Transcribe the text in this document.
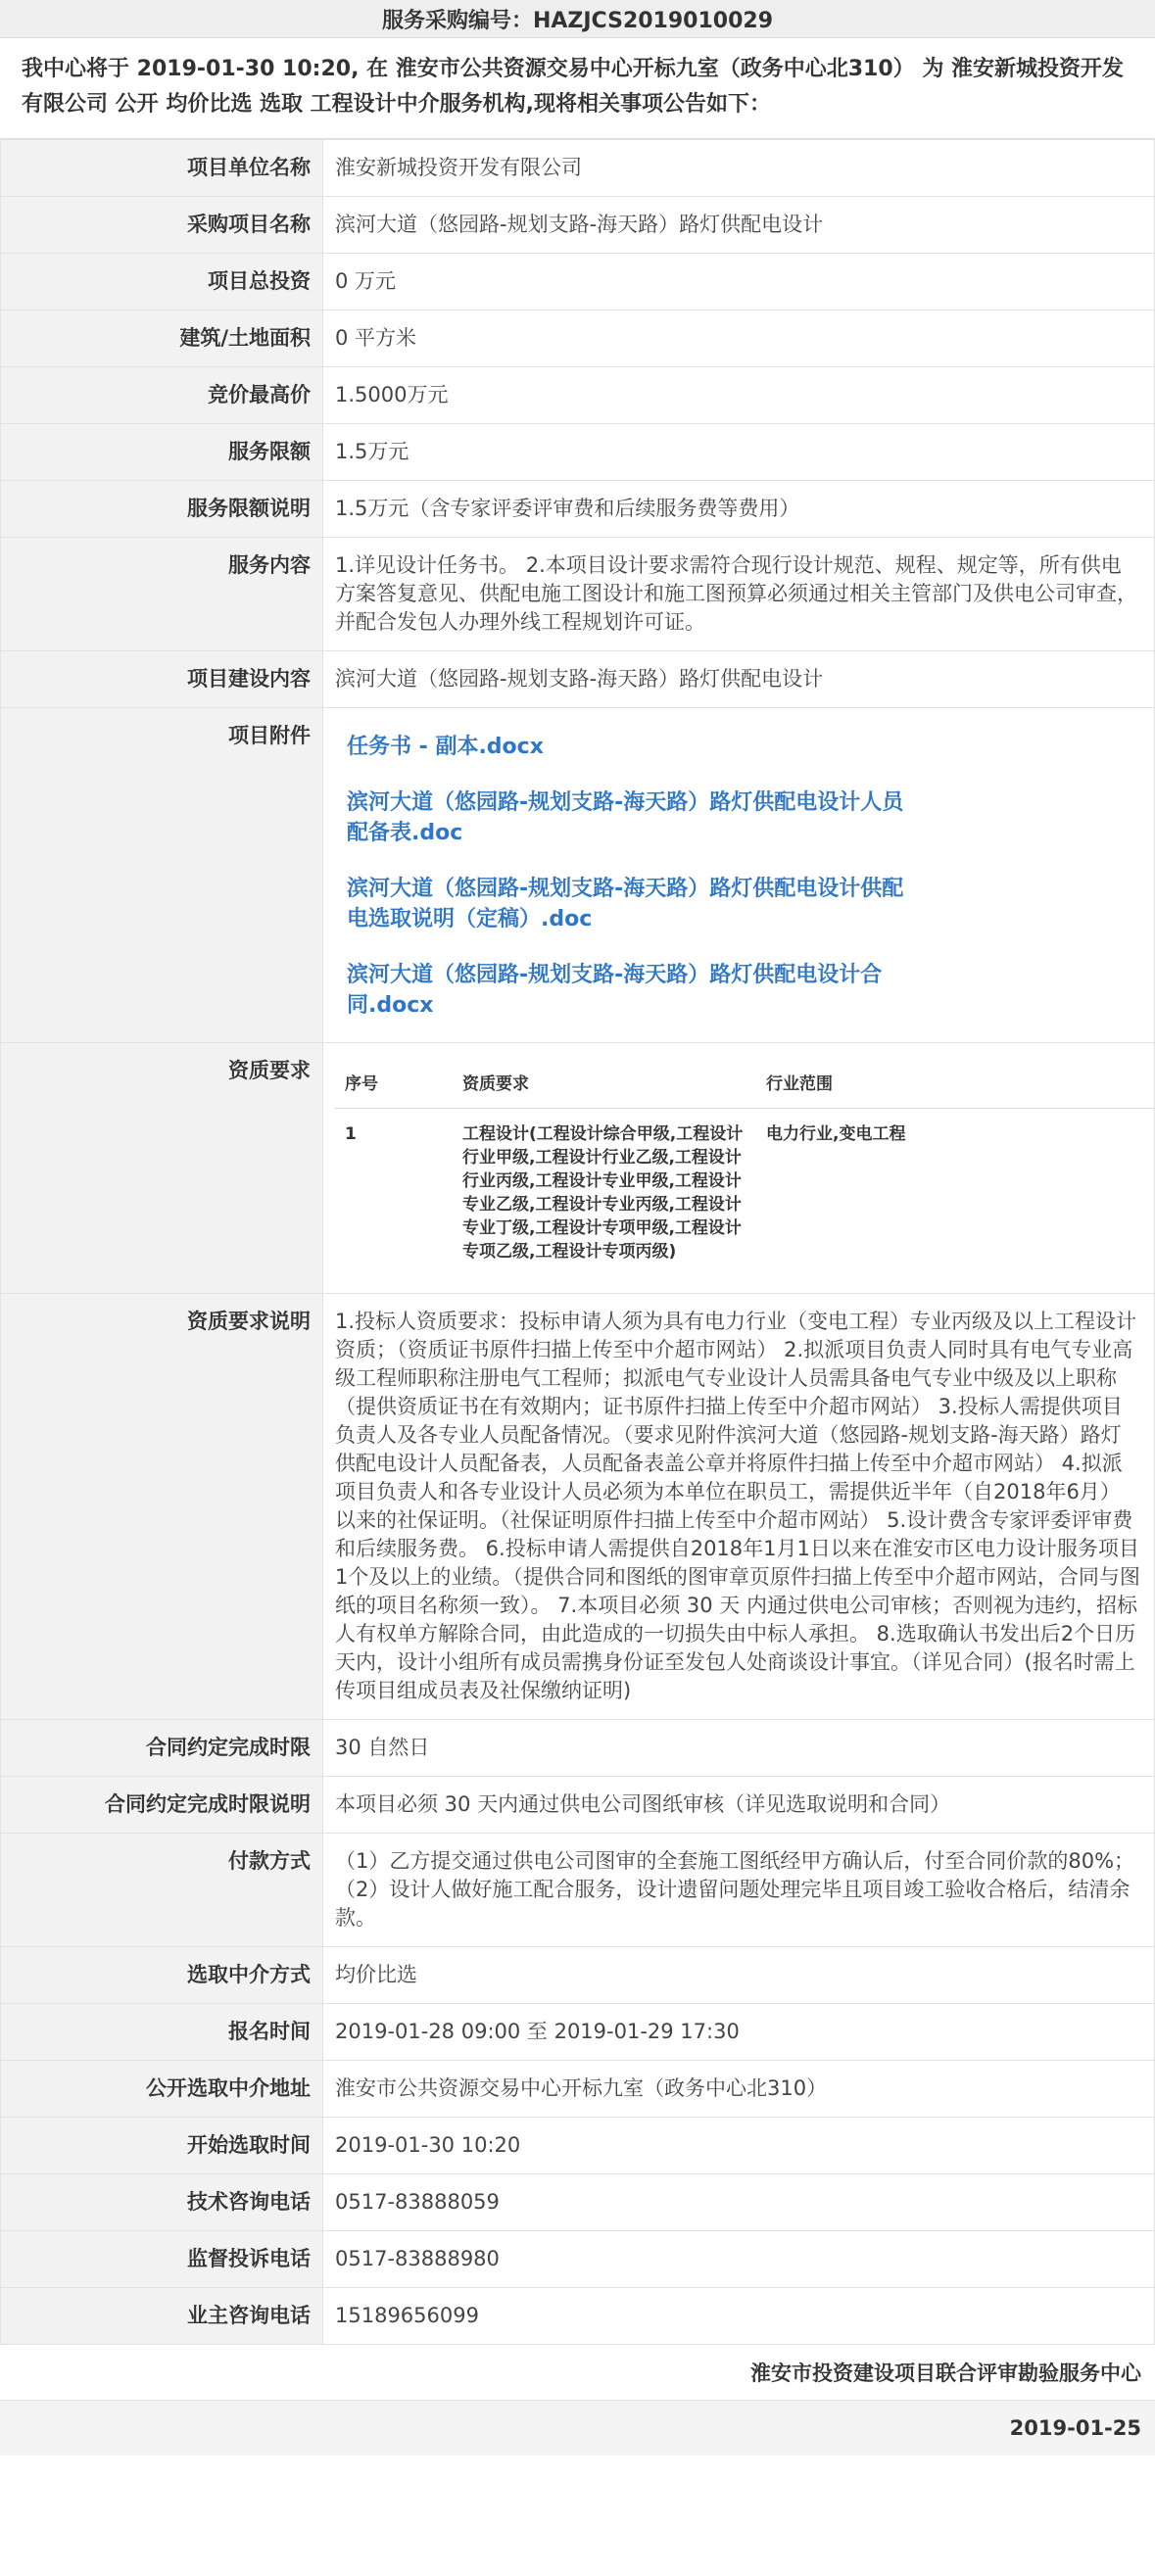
服务采购编号：HAZJCS2019010029
我中心将于 2019-01-30 10:20, 在 淮安市公共资源交易中心开标九室（政务中心北310） 为 淮安新城投资开发有限公司 公开 均价比选 选取 工程设计中介服务机构,现将相关事项公告如下：
项目单位名称	淮安新城投资开发有限公司
采购项目名称	滨河大道（悠园路-规划支路-海天路）路灯供配电设计
项目总投资	0 万元
建筑/土地面积	0 平方米
竞价最高价	1.5000万元
服务限额	1.5万元
服务限额说明	1.5万元（含专家评委评审费和后续服务费等费用）
服务内容	1.详见设计任务书。 2.本项目设计要求需符合现行设计规范、规程、规定等，所有供电方案答复意见、供配电施工图设计和施工图预算必须通过相关主管部门及供电公司审查，并配合发包人办理外线工程规划许可证。
项目建设内容	滨河大道（悠园路-规划支路-海天路）路灯供配电设计
项目附件	任务书 - 副本.docx
滨河大道（悠园路-规划支路-海天路）路灯供配电设计人员配备表.doc
滨河大道（悠园路-规划支路-海天路）路灯供配电设计供配电选取说明（定稿）.doc
滨河大道（悠园路-规划支路-海天路）路灯供配电设计合同.docx

资质要求	
序号	资质要求	行业范围
1	工程设计(工程设计综合甲级,工程设计行业甲级,工程设计行业乙级,工程设计行业丙级,工程设计专业甲级,工程设计专业乙级,工程设计专业丙级,工程设计专业丁级,工程设计专项甲级,工程设计专项乙级,工程设计专项丙级)	电力行业,变电工程

资质要求说明	1.投标人资质要求：投标申请人须为具有电力行业（变电工程）专业丙级及以上工程设计资质；（资质证书原件扫描上传至中介超市网站） 2.拟派项目负责人同时具有电气专业高级工程师职称注册电气工程师；拟派电气专业设计人员需具备电气专业中级及以上职称（提供资质证书在有效期内；证书原件扫描上传至中介超市网站） 3.投标人需提供项目负责人及各专业人员配备情况。（要求见附件滨河大道（悠园路-规划支路-海天路）路灯供配电设计人员配备表，人员配备表盖公章并将原件扫描上传至中介超市网站） 4.拟派项目负责人和各专业设计人员必须为本单位在职员工，需提供近半年（自2018年6月）以来的社保证明。（社保证明原件扫描上传至中介超市网站） 5.设计费含专家评委评审费和后续服务费。 6.投标申请人需提供自2018年1月1日以来在淮安市区电力设计服务项目1个及以上的业绩。（提供合同和图纸的图审章页原件扫描上传至中介超市网站，合同与图纸的项目名称须一致）。 7.本项目必须 30 天 内通过供电公司审核；否则视为违约，招标人有权单方解除合同，由此造成的一切损失由中标人承担。 8.选取确认书发出后2个日历天内，设计小组所有成员需携身份证至发包人处商谈设计事宜。（详见合同）(报名时需上传项目组成员表及社保缴纳证明)
合同约定完成时限	30 自然日
合同约定完成时限说明	本项目必须 30 天内通过供电公司图纸审核（详见选取说明和合同）
付款方式	（1）乙方提交通过供电公司图审的全套施工图纸经甲方确认后，付至合同价款的80%；（2）设计人做好施工配合服务，设计遗留问题处理完毕且项目竣工验收合格后，结清余款。
选取中介方式	均价比选
报名时间	2019-01-28 09:00 至 2019-01-29 17:30
公开选取中介地址	淮安市公共资源交易中心开标九室（政务中心北310）
开始选取时间	2019-01-30 10:20
技术咨询电话	0517-83888059
监督投诉电话	0517-83888980
业主咨询电话	15189656099
淮安市投资建设项目联合评审勘验服务中心
2019-01-25
